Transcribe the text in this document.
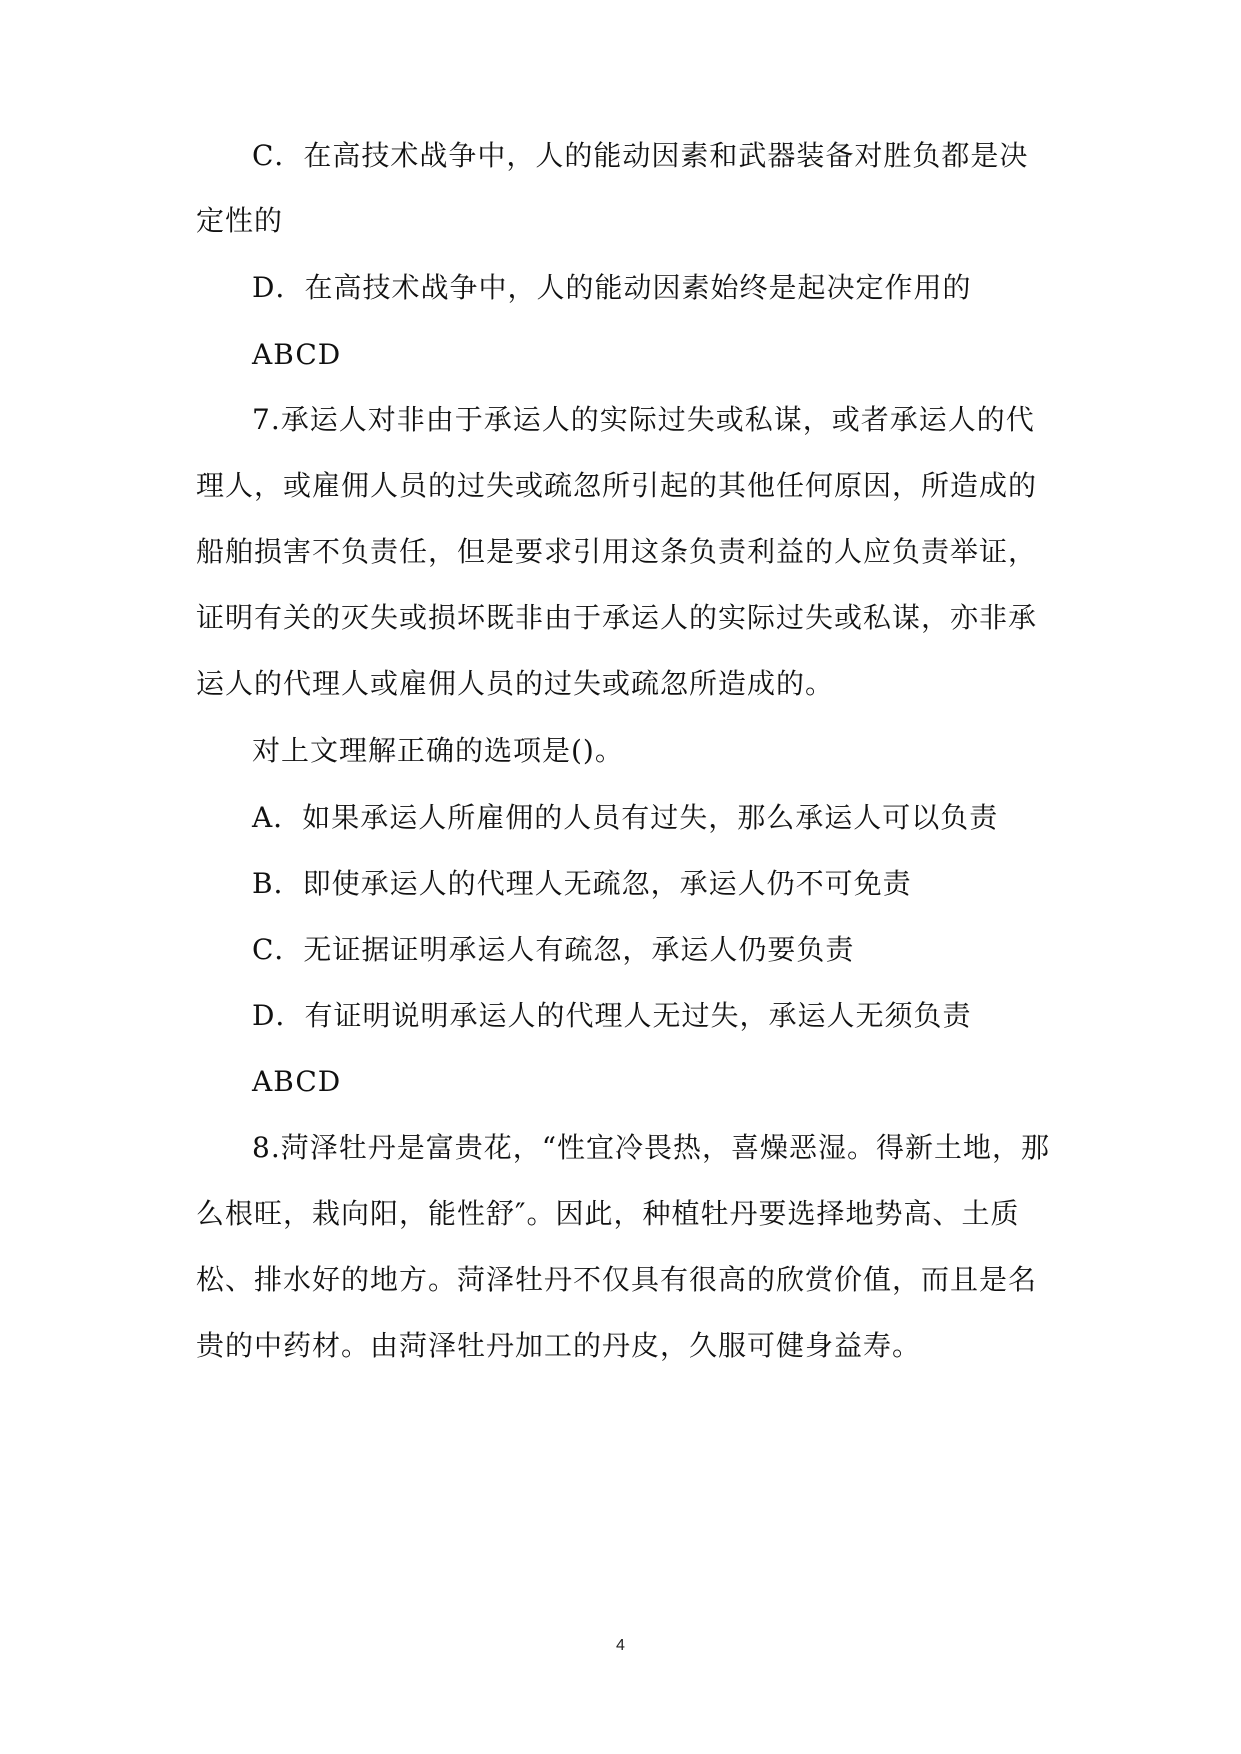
C．在高技术战争中，人的能动因素和武器装备对胜负都是决
定性的
D．在高技术战争中，人的能动因素始终是起决定作用的
ABCD
7.承运人对非由于承运人的实际过失或私谋，或者承运人的代
理人，或雇佣人员的过失或疏忽所引起的其他任何原因，所造成的
船舶损害不负责任，但是要求引用这条负责利益的人应负责举证，
证明有关的灭失或损坏既非由于承运人的实际过失或私谋，亦非承
运人的代理人或雇佣人员的过失或疏忽所造成的。
对上文理解正确的选项是()。
A．如果承运人所雇佣的人员有过失，那么承运人可以负责
B．即使承运人的代理人无疏忽，承运人仍不可免责
C．无证据证明承运人有疏忽，承运人仍要负责
D．有证明说明承运人的代理人无过失，承运人无须负责
ABCD
8.菏泽牡丹是富贵花，“性宜冷畏热，喜燥恶湿。得新土地，那
么根旺，栽向阳，能性舒″。因此，种植牡丹要选择地势高、土质
松、排水好的地方。菏泽牡丹不仅具有很高的欣赏价值，而且是名
贵的中药材。由菏泽牡丹加工的丹皮，久服可健身益寿。
4
